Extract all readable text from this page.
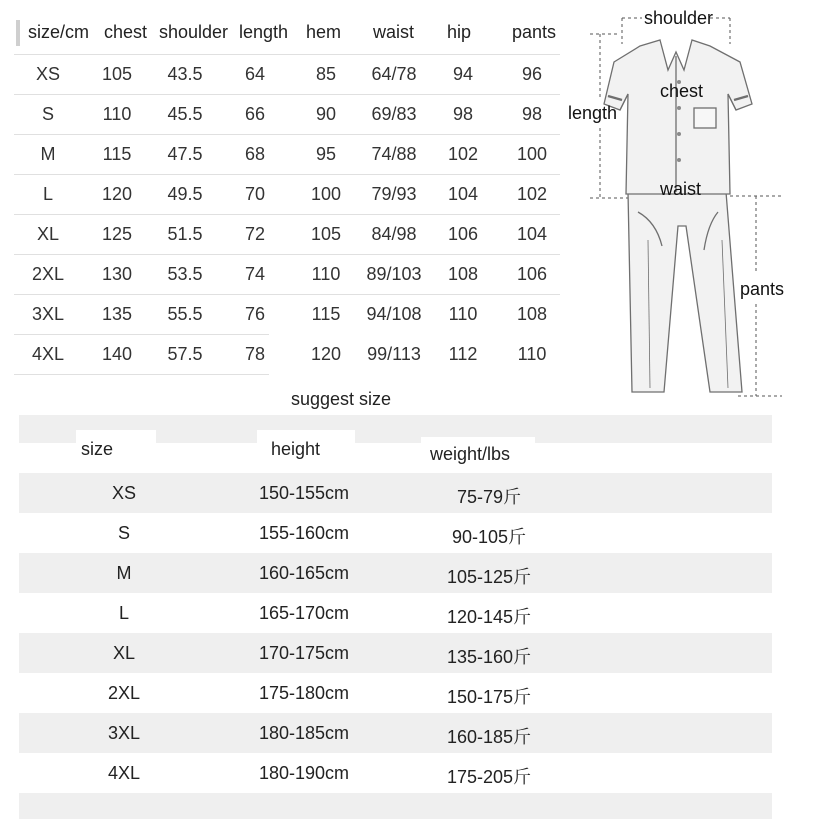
size/cm chest shoulder length hem waist hip pants
XS	105	43.5	64	85	64/78	94	96
S	110	45.5	66	90	69/83	98	98
M	115	47.5	68	95	74/88	102	100
L	120	49.5	70	100	79/93	104	102
XL	125	51.5	72	105	84/98	106	104
2XL	130	53.5	74	110	89/103	108	106
3XL	135	55.5	76	115	94/108	110	108
4XL	140	57.5	78	120	99/113	112	110
shoulder
chest
length
waist
pants
suggest size
size	height	weight/lbs
XS	150-155cm	75-79斤
S	155-160cm	90-105斤
M	160-165cm	105-125斤
L	165-170cm	120-145斤
XL	170-175cm	135-160斤
2XL	175-180cm	150-175斤
3XL	180-185cm	160-185斤
4XL	180-190cm	175-205斤
